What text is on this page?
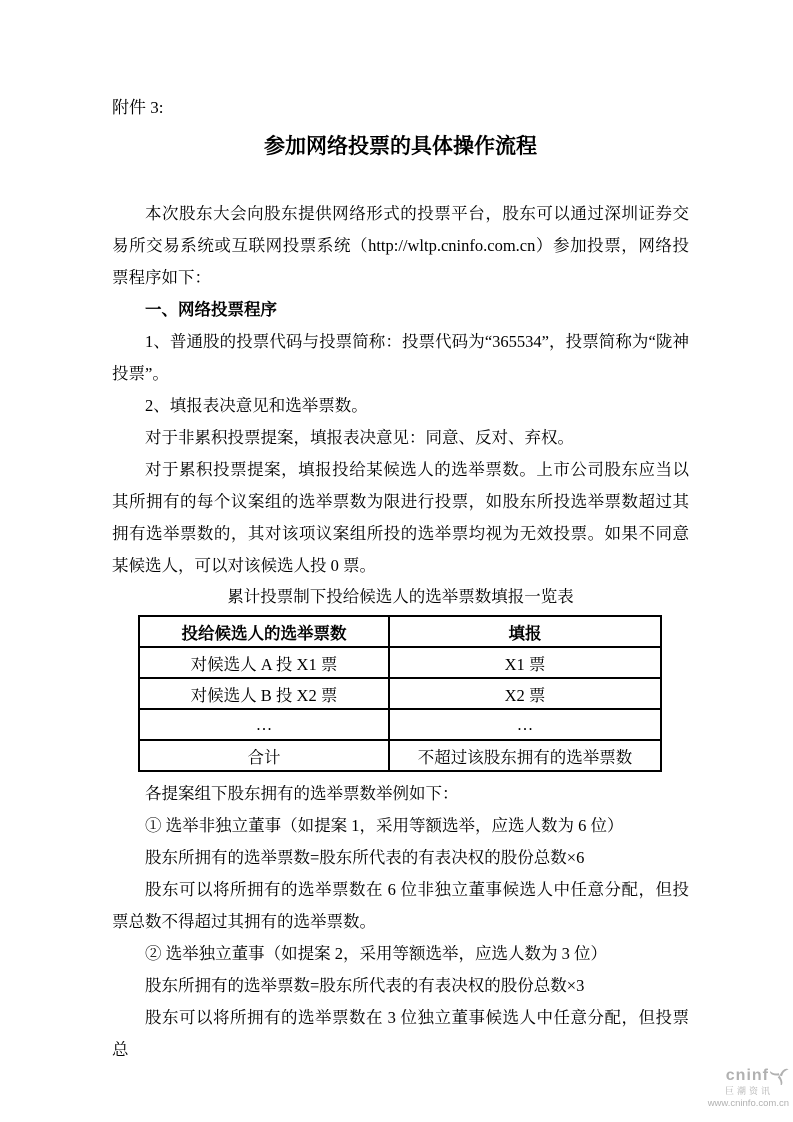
附件 3:

参加网络投票的具体操作流程

本次股东大会向股东提供网络形式的投票平台，股东可以通过深圳证券交易所交易系统或互联网投票系统（http://wltp.cninfo.com.cn）参加投票，网络投票程序如下：

一、网络投票程序

1、普通股的投票代码与投票简称：投票代码为“365534”，投票简称为“陇神投票”。

2、填报表决意见和选举票数。

对于非累积投票提案，填报表决意见：同意、反对、弃权。

对于累积投票提案，填报投给某候选人的选举票数。上市公司股东应当以其所拥有的每个议案组的选举票数为限进行投票，如股东所投选举票数超过其拥有选举票数的，其对该项议案组所投的选举票均视为无效投票。如果不同意某候选人，可以对该候选人投 0 票。

累计投票制下投给候选人的选举票数填报一览表

投给候选人的选举票数	填报
对候选人 A 投 X1 票	X1 票
对候选人 B 投 X2 票	X2 票
…	…
合计	不超过该股东拥有的选举票数

各提案组下股东拥有的选举票数举例如下：

① 选举非独立董事（如提案 1，采用等额选举，应选人数为 6 位）

股东所拥有的选举票数=股东所代表的有表决权的股份总数×6

股东可以将所拥有的选举票数在 6 位非独立董事候选人中任意分配，但投票总数不得超过其拥有的选举票数。

② 选举独立董事（如提案 2，采用等额选举，应选人数为 3 位）

股东所拥有的选举票数=股东所代表的有表决权的股份总数×3

股东可以将所拥有的选举票数在 3 位独立董事候选人中任意分配，但投票总

cninf
巨潮资讯
www.cninfo.com.cn
